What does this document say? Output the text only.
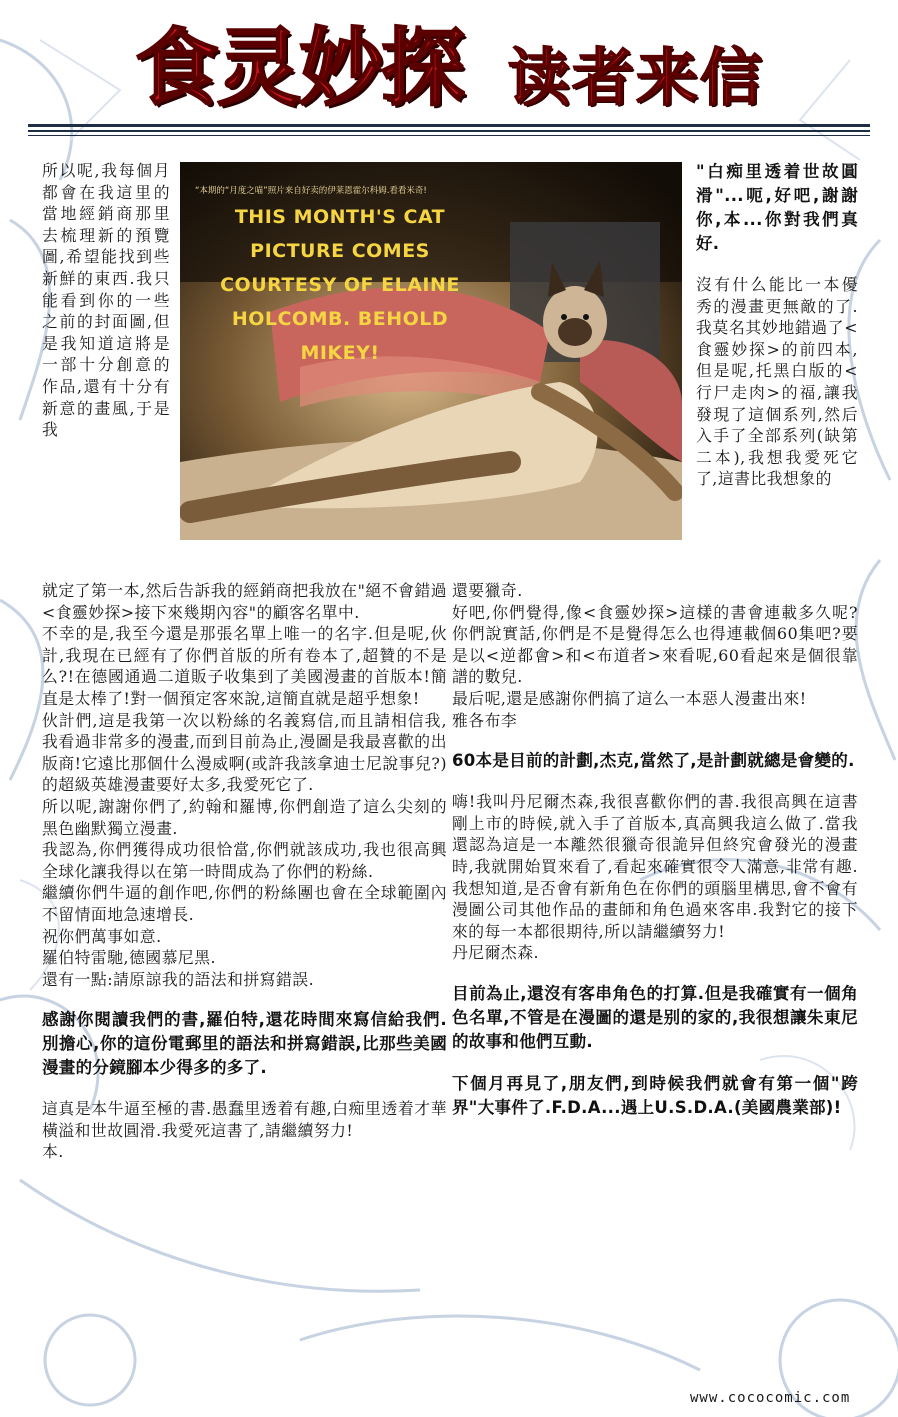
食灵妙探 读者来信
“本期的“月度之喵”照片来自好卖的伊莱恩霍尔科姆.看看米奇!
THIS MONTH'S CAT PICTURE COMES COURTESY OF ELAINE HOLCOMB. BEHOLD MIKEY!

所以呢,我每個月都會在我這里的當地經銷商那里去梳理新的預覽圖,希望能找到些新鮮的東西.我只能看到你的一些之前的封面圖,但是我知道這將是一部十分創意的作品,還有十分有新意的畫風,于是我

就定了第一本,然后告訴我的經銷商把我放在"絕不會錯過<食靈妙探>接下來幾期內容"的顧客名單中.

不幸的是,我至今還是那張名單上唯一的名字.但是呢,伙計,我現在已經有了你們首版的所有卷本了,超贊的不是么?!在德國通過二道販子收集到了美國漫畫的首版本!簡直是太棒了!對一個預定客來說,這簡直就是超乎想象!

伙計們,這是我第一次以粉絲的名義寫信,而且請相信我,我看過非常多的漫畫,而到目前為止,漫圖是我最喜歡的出版商!它遠比那個什么漫威啊(或許我該拿迪士尼說事兒?)的超級英雄漫畫要好太多,我愛死它了.

所以呢,謝謝你們了,約翰和羅博,你們創造了這么尖刻的黑色幽默獨立漫畫.

我認為,你們獲得成功很恰當,你們就該成功,我也很高興全球化讓我得以在第一時間成為了你們的粉絲.

繼續你們牛逼的創作吧,你們的粉絲團也會在全球範圍內不留情面地急速增長.

祝你們萬事如意.

羅伯特雷馳,德國慕尼黑.

還有一點:請原諒我的語法和拼寫錯誤.

感謝你閱讀我們的書,羅伯特,還花時間來寫信給我們.別擔心,你的這份電郵里的語法和拼寫錯誤,比那些美國漫畫的分鏡腳本少得多的多了.

這真是本牛逼至極的書.愚蠢里透着有趣,白痴里透着才華橫溢和世故圓滑.我愛死這書了,請繼續努力!

本.

"白痴里透着世故圓滑"...呃,好吧,謝謝你,本...你對我們真好.

沒有什么能比一本優秀的漫畫更無敵的了.我莫名其妙地錯過了<食靈妙探>的前四本,但是呢,托黑白版的<行尸走肉>的福,讓我發現了這個系列,然后入手了全部系列(缺第二本),我想我愛死它了,這書比我想象的

還要獵奇.

好吧,你們覺得,像<食靈妙探>這樣的書會連載多久呢?你們說實話,你們是不是覺得怎么也得連載個60集吧?要是以<逆都會>和<布道者>來看呢,60看起來是個很靠譜的數兒.

最后呢,還是感謝你們搞了這么一本惡人漫畫出來!

雅各布李

60本是目前的計劃,杰克,當然了,是計劃就總是會變的.

嗨!我叫丹尼爾杰森,我很喜歡你們的書.我很高興在這書剛上市的時候,就入手了首版本,真高興我這么做了.當我還認為這是一本離然很獵奇很詭异但終究會發光的漫畫時,我就開始買來看了,看起來確實很令人滿意,非常有趣.我想知道,是否會有新角色在你們的頭腦里構思,會不會有漫圖公司其他作品的畫師和角色過來客串.我對它的接下來的每一本都很期待,所以請繼續努力!

丹尼爾杰森.

目前為止,還沒有客串角色的打算.但是我確實有一個角色名單,不管是在漫圖的還是别的家的,我很想讓朱東尼的故事和他們互動.

下個月再見了,朋友們,到時候我們就會有第一個"跨界"大事件了.F.D.A...遇上U.S.D.A.(美國農業部)!

www.cococomic.com
